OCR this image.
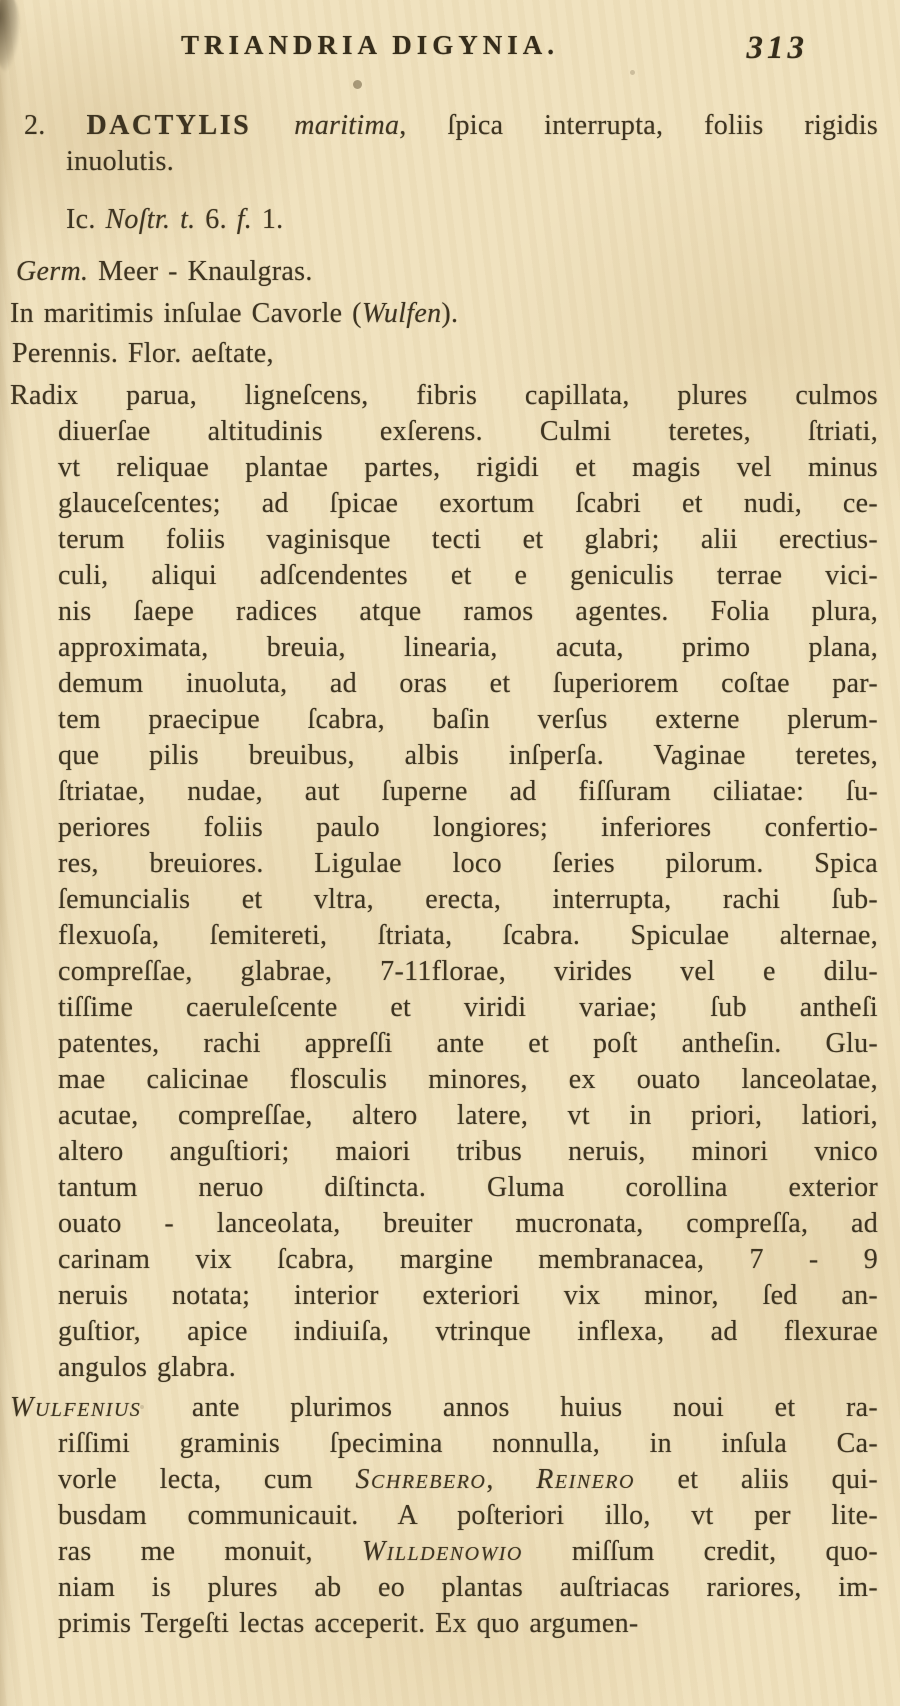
TRIANDRIA DIGYNIA.	313
2. DACTYLIS maritima, ſpica interrupta, foliis rigidis
inuolutis.
Ic. Noſtr. t. 6. f. 1.
Germ. Meer - Knaulgras.
In maritimis inſulae Cavorle (Wulfen).
Perennis. Flor. aeſtate,
Radix parua, ligneſcens, fibris capillata, plures culmos
diuerſae altitudinis exſerens. Culmi teretes, ſtriati,
vt reliquae plantae partes, rigidi et magis vel minus
glauceſcentes; ad ſpicae exortum ſcabri et nudi, ce-
terum foliis vaginisque tecti et glabri; alii erectius-
culi, aliqui adſcendentes et e geniculis terrae vici-
nis ſaepe radices atque ramos agentes. Folia plura,
approximata, breuia, linearia, acuta, primo plana,
demum inuoluta, ad oras et ſuperiorem coſtae par-
tem praecipue ſcabra, baſin verſus externe plerum-
que pilis breuibus, albis inſperſa. Vaginae teretes,
ſtriatae, nudae, aut ſuperne ad fiſſuram ciliatae: ſu-
periores foliis paulo longiores; inferiores confertio-
res, breuiores. Ligulae loco ſeries pilorum. Spica
ſemuncialis et vltra, erecta, interrupta, rachi ſub-
flexuoſa, ſemitereti, ſtriata, ſcabra. Spiculae alternae,
compreſſae, glabrae, 7-11florae, virides vel e dilu-
tiſſime caeruleſcente et viridi variae; ſub antheſi
patentes, rachi appreſſi ante et poſt antheſin. Glu-
mae calicinae flosculis minores, ex ouato lanceolatae,
acutae, compreſſae, altero latere, vt in priori, latiori,
altero anguſtiori; maiori tribus neruis, minori vnico
tantum neruo diſtincta. Gluma corollina exterior
ouato - lanceolata, breuiter mucronata, compreſſa, ad
carinam vix ſcabra, margine membranacea, 7 - 9
neruis notata; interior exteriori vix minor, ſed an-
guſtior, apice indiuiſa, vtrinque inflexa, ad flexurae
angulos glabra.
Wulfenius ante plurimos annos huius noui et ra-
riſſimi graminis ſpecimina nonnulla, in inſula Ca-
vorle lecta, cum Schrebero, Reinero et aliis qui-
busdam communicauit. A poſteriori illo, vt per lite-
ras me monuit, Willdenowio miſſum credit, quo-
niam is plures ab eo plantas auſtriacas rariores, im-
primis Tergeſti lectas acceperit. Ex quo argumen-
